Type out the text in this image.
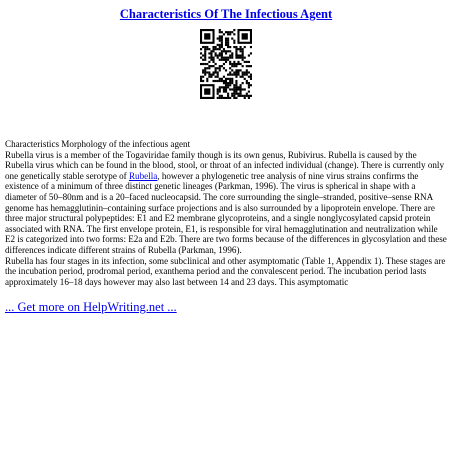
Characteristics Of The Infectious Agent

Characteristics Morphology of the infectious agent

Rubella virus is a member of the Togaviridae family though is its own genus, Rubivirus. Rubella is caused by the Rubella virus which can be found in the blood, stool, or throat of an infected individual (change). There is currently only one genetically stable serotype of Rubella, however a phylogenetic tree analysis of nine virus strains confirms the existence of a minimum of three distinct genetic lineages (Parkman, 1996). The virus is spherical in shape with a diameter of 50–80nm and is a 20–faced nucleocapsid. The core surrounding the single–stranded, positive–sense RNA genome has hemagglutinin–containing surface projections and is also surrounded by a lipoprotein envelope. There are three major structural polypeptides: E1 and E2 membrane glycoproteins, and a single nonglycosylated capsid protein associated with RNA. The first envelope protein, E1, is responsible for viral hemagglutination and neutralization while E2 is categorized into two forms: E2a and E2b. There are two forms because of the differences in glycosylation and these differences indicate different strains of Rubella (Parkman, 1996).

Rubella has four stages in its infection, some subclinical and other asymptomatic (Table 1, Appendix 1). These stages are the incubation period, prodromal period, exanthema period and the convalescent period. The incubation period lasts approximately 16–18 days however may also last between 14 and 23 days. This asymptomatic

... Get more on HelpWriting.net ...
